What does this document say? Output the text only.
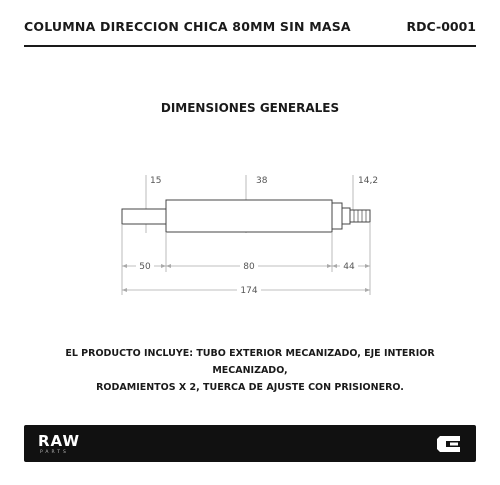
COLUMNA DIRECCION CHICA 80MM SIN MASA	RDC-0001
DIMENSIONES GENERALES
15	38	14,2
50	80	44
174
EL PRODUCTO INCLUYE: TUBO EXTERIOR MECANIZADO, EJE INTERIOR MECANIZADO,
RODAMIENTOS X 2, TUERCA DE AJUSTE CON PRISIONERO.
RAW
PARTS
